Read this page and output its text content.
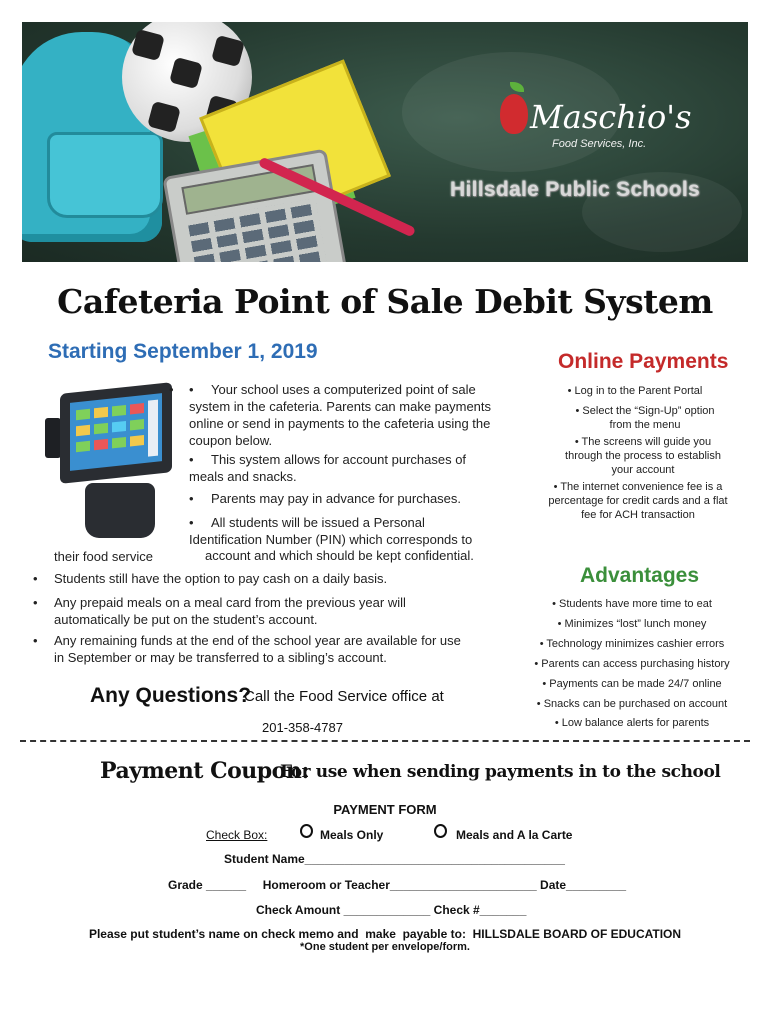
Maschio's
Food Services, Inc.
Hillsdale Public Schools
Cafeteria Point of Sale Debit System
Starting September 1, 2019	Online Payments
• •	Your school uses a computerized point of sale system in the cafeteria. Parents can make payments online or send in payments to the cafeteria using the coupon below.
•	This system allows for account purchases of meals and snacks.
•	Parents may pay in advance for purchases.
•	All students will be issued a Personal
Identification Number (PIN) which corresponds to
their food service	account and which should be kept confidential.
• Students still have the option to pay cash on a daily basis.
• Any prepaid meals on a meal card from the previous year will automatically be put on the student’s account.
• Any remaining funds at the end of the school year are available for use in September or may be transferred to a sibling’s account.
• Log in to the Parent Portal
• Select the “Sign-Up” option from the menu
• The screens will guide you through the process to establish your account
• The internet convenience fee is a percentage for credit cards and a flat fee for ACH transaction
Advantages
• Students have more time to eat
• Minimizes “lost” lunch money
• Technology minimizes cashier errors
• Parents can access purchasing history
• Payments can be made 24/7 online
• Snacks can be purchased on account
• Low balance alerts for parents
Any Questions?
Call the Food Service office at
201-358-4787
Payment Coupon:
For use when sending payments in to the school
PAYMENT FORM
Check Box:	Meals Only	Meals and A la Carte
Student Name_______________________________________
Grade ______     Homeroom or Teacher______________________ Date_________
Check Amount _____________ Check #_______
Please put student’s name on check memo and  make  payable to:  HILLSDALE BOARD OF EDUCATION
*One student per envelope/form.
